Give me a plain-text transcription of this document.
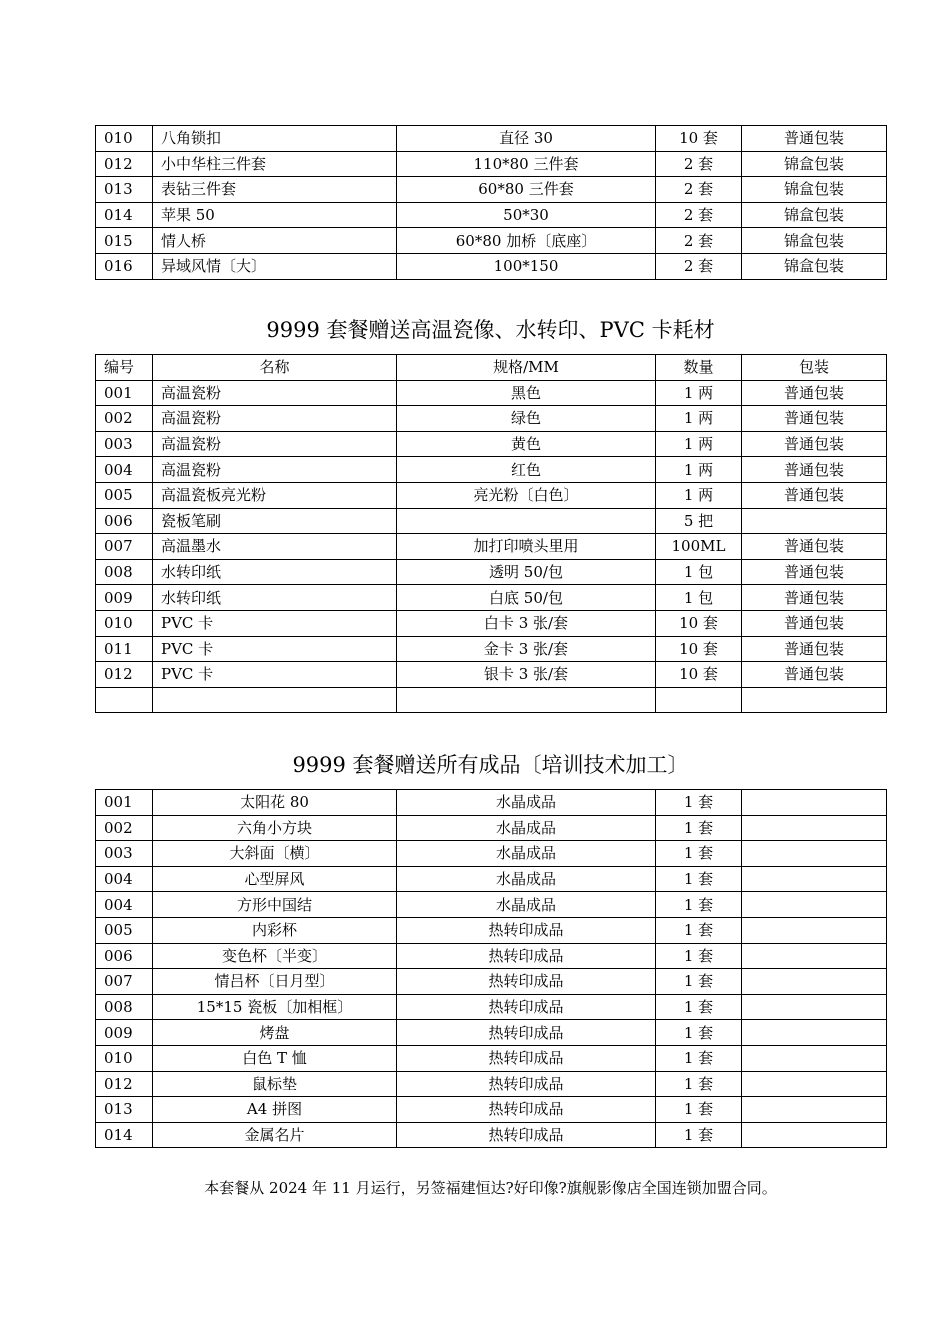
010	八角锁扣	直径 30	10 套	普通包装
012	小中华柱三件套	110*80 三件套	2 套	锦盒包装
013	表钻三件套	60*80 三件套	2 套	锦盒包装
014	苹果 50	50*30	2 套	锦盒包装
015	情人桥	60*80 加桥〔底座〕	2 套	锦盒包装
016	异域风情〔大〕	100*150	2 套	锦盒包装
9999 套餐赠送高温瓷像、水转印、PVC 卡耗材
编号	名称	规格/MM	数量	包装
001	高温瓷粉	黑色	1 两	普通包装
002	高温瓷粉	绿色	1 两	普通包装
003	高温瓷粉	黄色	1 两	普通包装
004	高温瓷粉	红色	1 两	普通包装
005	高温瓷板亮光粉	亮光粉〔白色〕	1 两	普通包装
006	瓷板笔刷		5 把	
007	高温墨水	加打印喷头里用	100ML	普通包装
008	水转印纸	透明 50/包	1 包	普通包装
009	水转印纸	白底 50/包	1 包	普通包装
010	PVC 卡	白卡 3 张/套	10 套	普通包装
011	PVC 卡	金卡 3 张/套	10 套	普通包装
012	PVC 卡	银卡 3 张/套	10 套	普通包装

9999 套餐赠送所有成品〔培训技术加工〕
001	太阳花 80	水晶成品	1 套	
002	六角小方块	水晶成品	1 套	
003	大斜面〔横〕	水晶成品	1 套	
004	心型屏风	水晶成品	1 套	
004	方形中国结	水晶成品	1 套	
005	内彩杯	热转印成品	1 套	
006	变色杯〔半变〕	热转印成品	1 套	
007	情吕杯〔日月型〕	热转印成品	1 套	
008	15*15 瓷板〔加相框〕	热转印成品	1 套	
009	烤盘	热转印成品	1 套	
010	白色 T 恤	热转印成品	1 套	
012	鼠标垫	热转印成品	1 套	
013	A4 拼图	热转印成品	1 套	
014	金属名片	热转印成品	1 套	
本套餐从 2024 年 11 月运行，另签福建恒达?好印像?旗舰影像店全国连锁加盟合同。
